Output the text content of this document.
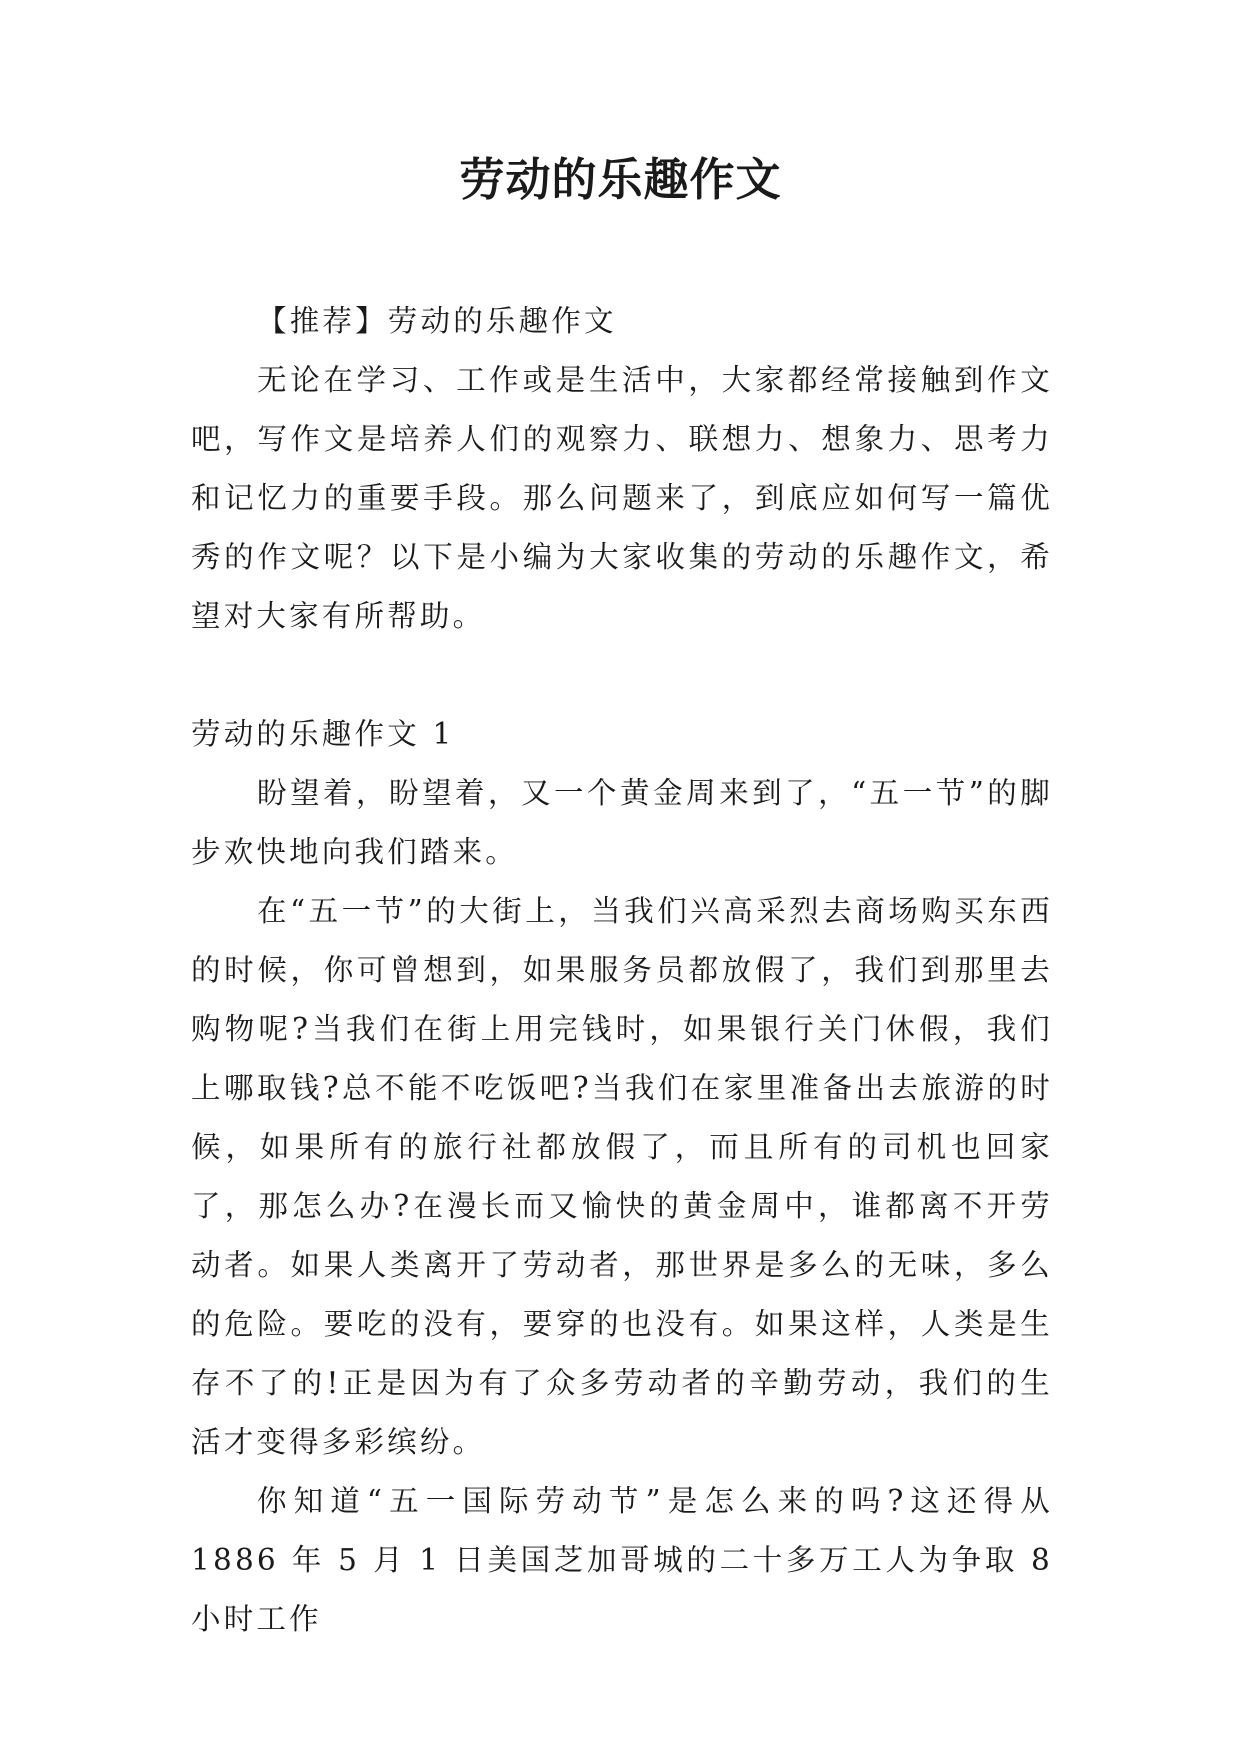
劳动的乐趣作文

【推荐】劳动的乐趣作文

无论在学习、工作或是生活中，大家都经常接触到作文吧，写作文是培养人们的观察力、联想力、想象力、思考力和记忆力的重要手段。那么问题来了，到底应如何写一篇优秀的作文呢？以下是小编为大家收集的劳动的乐趣作文，希望对大家有所帮助。

劳动的乐趣作文 1

盼望着，盼望着，又一个黄金周来到了，“五一节”的脚步欢快地向我们踏来。

在“五一节”的大街上，当我们兴高采烈去商场购买东西的时候，你可曾想到，如果服务员都放假了，我们到那里去购物呢?当我们在街上用完钱时，如果银行关门休假，我们上哪取钱?总不能不吃饭吧?当我们在家里准备出去旅游的时候，如果所有的旅行社都放假了，而且所有的司机也回家了，那怎么办?在漫长而又愉快的黄金周中，谁都离不开劳动者。如果人类离开了劳动者，那世界是多么的无味，多么的危险。要吃的没有，要穿的也没有。如果这样，人类是生存不了的!正是因为有了众多劳动者的辛勤劳动，我们的生活才变得多彩缤纷。

你知道“五一国际劳动节”是怎么来的吗?这还得从 1886 年 5 月 1 日美国芝加哥城的二十多万工人为争取 8 小时工作
